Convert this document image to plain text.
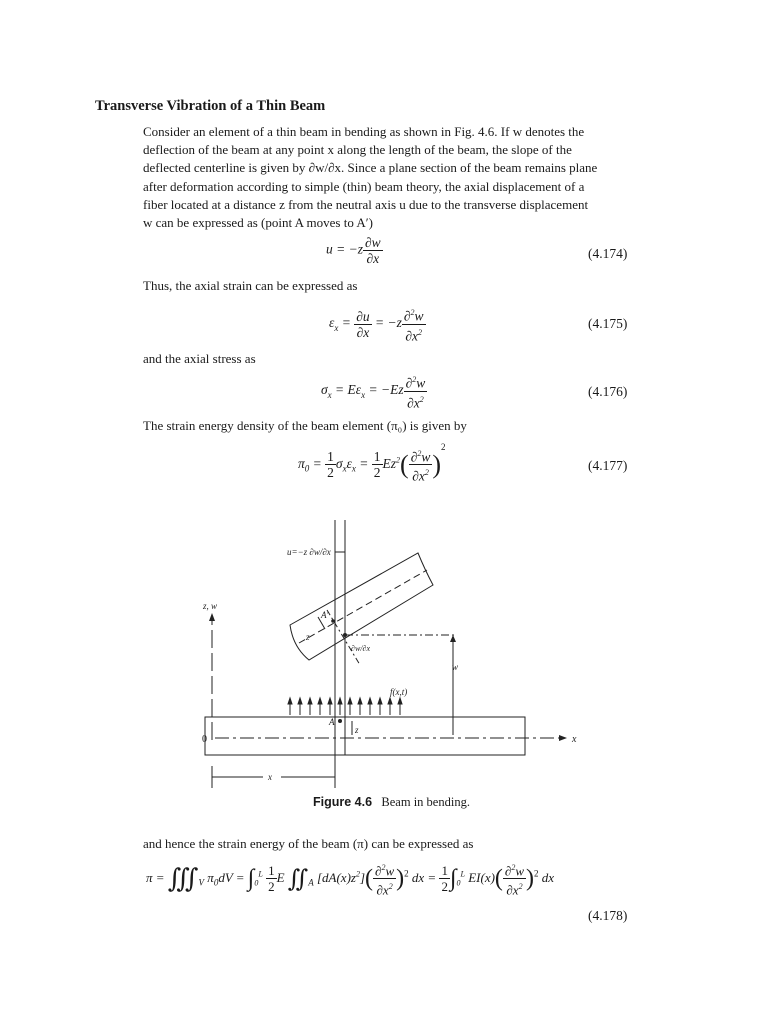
Transverse Vibration of a Thin Beam
Consider an element of a thin beam in bending as shown in Fig. 4.6. If w denotes the
deflection of the beam at any point x along the length of the beam, the slope of the
deflected centerline is given by ∂w/∂x. Since a plane section of the beam remains plane
after deformation according to simple (thin) beam theory, the axial displacement of a
fiber located at a distance z from the neutral axis u due to the transverse displacement
w can be expressed as (point A moves to A′)
$u = -z \frac{\partial w}{\partial x}$	(4.174)
Thus, the axial strain can be expressed as
$\varepsilon_x = \frac{\partial u}{\partial x} = -z \frac{\partial^2w}{\partial x^2}$	(4.175)
and the axial stress as
$\sigma_x = E\varepsilon_x = -Ez \frac{\partial^2w}{\partial x^2}$	(4.176)
The strain energy density of the beam element (π₀) is given by
$\pi_0 = \frac{1}{2} \sigma_x\varepsilon_x = \frac{1}{2} Ez^2( \frac{\partial^2w}{\partial x^2} )^2$
(4.177)
u=−z ∂w/∂x
z, w
A′
z
∂w/∂x
w
f(x,t)
A
z
0	x
x
Figure 4.6 Beam in bending.
and hence the strain energy of the beam (π) can be expressed as
$\pi = ∭_V$ $\pi_0dV = \int_0^L \frac{1}{2}$ E $∬_A$ $[dA(x)z^2]( \frac{\partial^2w}{\partial x^2} )^2$ dx = $\frac{1}{2} \int_0^L$ $EI(x)( \frac{\partial^2w}{\partial x^2} )^2$ dx
(4.178)
